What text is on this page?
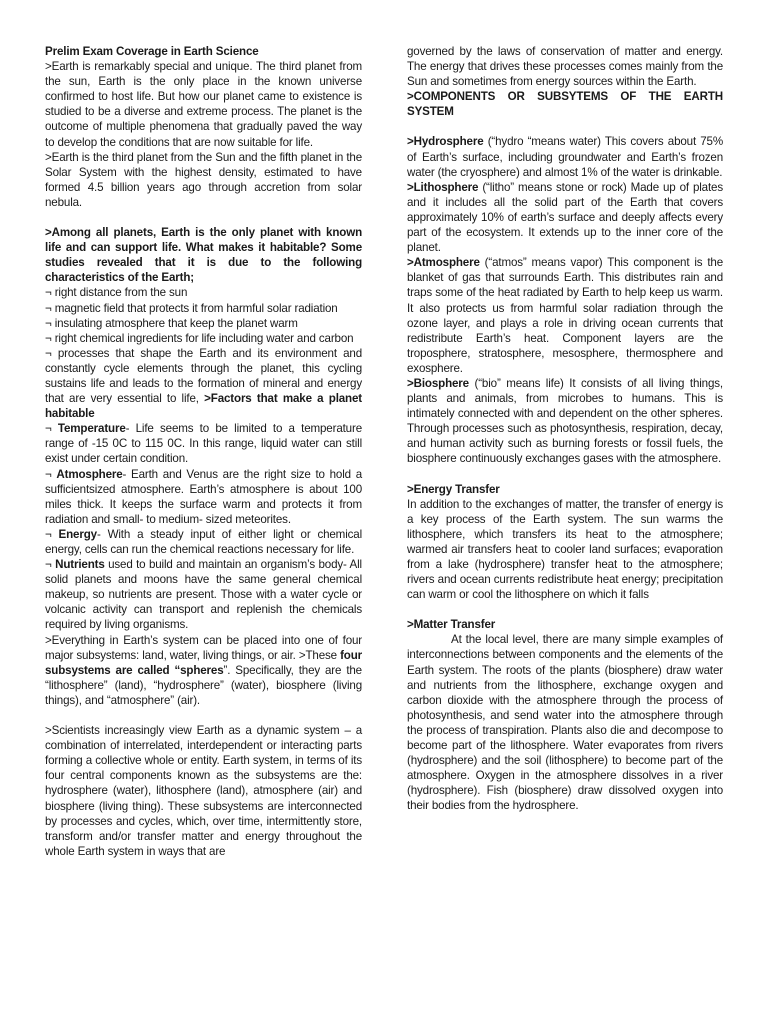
Prelim Exam Coverage in Earth Science

>Earth is remarkably special and unique. The third planet from the sun, Earth is the only place in the known universe confirmed to host life. But how our planet came to existence is studied to be a diverse and extreme process. The planet is the outcome of multiple phenomena that gradually paved the way to develop the conditions that are now suitable for life.

>Earth is the third planet from the Sun and the fifth planet in the Solar System with the highest density, estimated to have formed 4.5 billion years ago through accretion from solar nebula.

>Among all planets, Earth is the only planet with known life and can support life. What makes it habitable? Some studies revealed that it is due to the following characteristics of the Earth;

¬ right distance from the sun

¬ magnetic field that protects it from harmful solar radiation

¬ insulating atmosphere that keep the planet warm

¬ right chemical ingredients for life including water and carbon

¬ processes that shape the Earth and its environment and constantly cycle elements through the planet, this cycling sustains life and leads to the formation of mineral and energy that are very essential to life, >Factors that make a planet habitable

¬ Temperature- Life seems to be limited to a temperature range of -15 0C to 115 0C. In this range, liquid water can still exist under certain condition.

¬ Atmosphere- Earth and Venus are the right size to hold a sufficientsized atmosphere. Earth’s atmosphere is about 100 miles thick. It keeps the surface warm and protects it from radiation and small- to medium- sized meteorites.

¬ Energy- With a steady input of either light or chemical energy, cells can run the chemical reactions necessary for life.

¬ Nutrients used to build and maintain an organism’s body- All solid planets and moons have the same general chemical makeup, so nutrients are present. Those with a water cycle or volcanic activity can transport and replenish the chemicals required by living organisms.

>Everything in Earth’s system can be placed into one of four major subsystems: land, water, living things, or air. >These four subsystems are called “spheres”. Specifically, they are the “lithosphere” (land), “hydrosphere” (water), biosphere (living things), and “atmosphere” (air).

>Scientists increasingly view Earth as a dynamic system – a combination of interrelated, interdependent or interacting parts forming a collective whole or entity. Earth system, in terms of its four central components known as the subsystems are the: hydrosphere (water), lithosphere (land), atmosphere (air) and biosphere (living thing). These subsystems are interconnected by processes and cycles, which, over time, intermittently store, transform and/or transfer matter and energy throughout the whole Earth system in ways that are

governed by the laws of conservation of matter and energy. The energy that drives these processes comes mainly from the Sun and sometimes from energy sources within the Earth.

>COMPONENTS OR SUBSYTEMS OF THE EARTH SYSTEM

>Hydrosphere (“hydro “means water) This covers about 75% of Earth’s surface, including groundwater and Earth’s frozen water (the cryosphere) and almost 1% of the water is drinkable.

>Lithosphere (“litho” means stone or rock) Made up of plates and it includes all the solid part of the Earth that covers approximately 10% of earth’s surface and deeply affects every part of the ecosystem. It extends up to the inner core of the planet.

>Atmosphere (“atmos” means vapor) This component is the blanket of gas that surrounds Earth. This distributes rain and traps some of the heat radiated by Earth to help keep us warm. It also protects us from harmful solar radiation through the ozone layer, and plays a role in driving ocean currents that redistribute Earth’s heat. Component layers are the troposphere, stratosphere, mesosphere, thermosphere and exosphere.

>Biosphere (“bio” means life) It consists of all living things, plants and animals, from microbes to humans. This is intimately connected with and dependent on the other spheres. Through processes such as photosynthesis, respiration, decay, and human activity such as burning forests or fossil fuels, the biosphere continuously exchanges gases with the atmosphere.

>Energy Transfer

In addition to the exchanges of matter, the transfer of energy is a key process of the Earth system. The sun warms the lithosphere, which transfers its heat to the atmosphere; warmed air transfers heat to cooler land surfaces; evaporation from a lake (hydrosphere) transfer heat to the atmosphere; rivers and ocean currents redistribute heat energy; precipitation can warm or cool the lithosphere on which it falls

>Matter Transfer

At the local level, there are many simple examples of interconnections between components and the elements of the Earth system. The roots of the plants (biosphere) draw water and nutrients from the lithosphere, exchange oxygen and carbon dioxide with the atmosphere through the process of photosynthesis, and send water into the atmosphere through the process of transpiration. Plants also die and decompose to become part of the lithosphere. Water evaporates from rivers (hydrosphere) and the soil (lithosphere) to become part of the atmosphere. Oxygen in the atmosphere dissolves in a river (hydrosphere). Fish (biosphere) draw dissolved oxygen into their bodies from the hydrosphere.
